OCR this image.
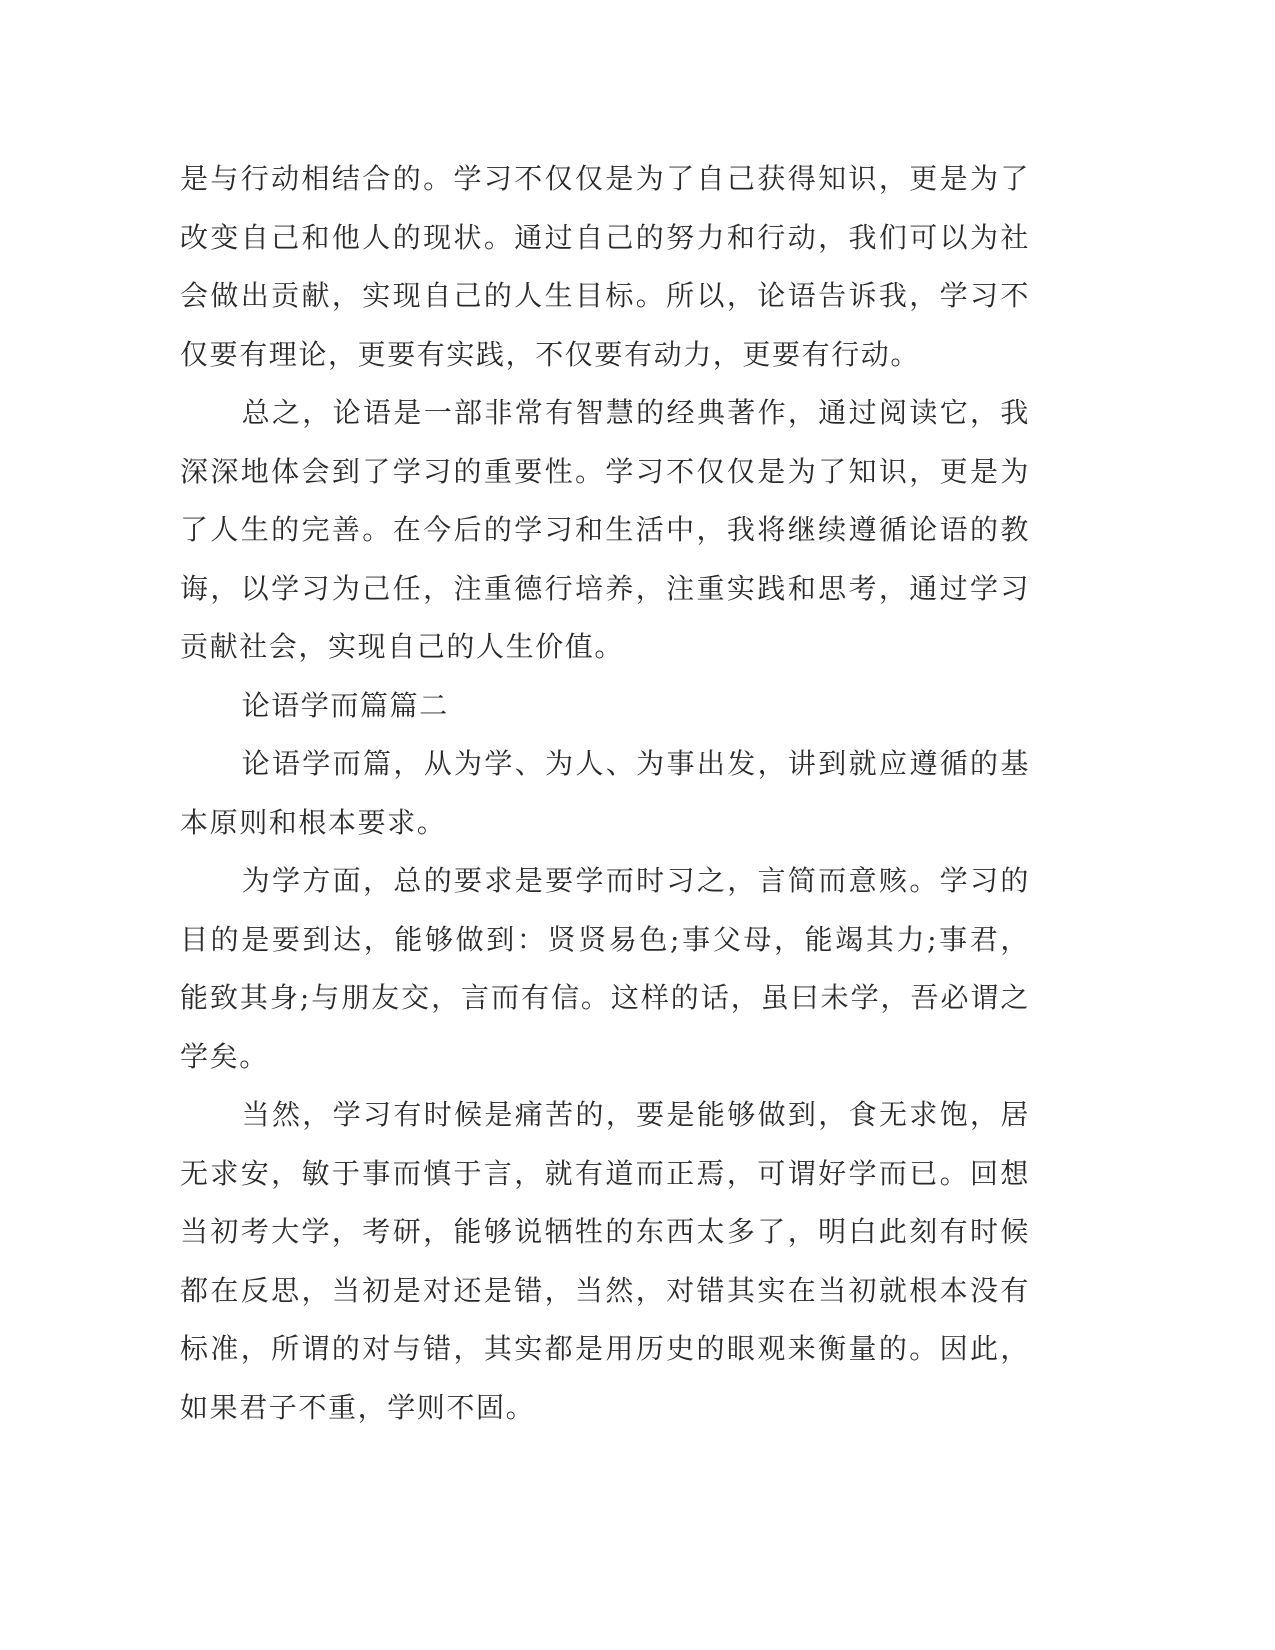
是与行动相结合的。学习不仅仅是为了自己获得知识，更是为了改变自己和他人的现状。通过自己的努力和行动，我们可以为社会做出贡献，实现自己的人生目标。所以，论语告诉我，学习不仅要有理论，更要有实践，不仅要有动力，更要有行动。

总之，论语是一部非常有智慧的经典著作，通过阅读它，我深深地体会到了学习的重要性。学习不仅仅是为了知识，更是为了人生的完善。在今后的学习和生活中，我将继续遵循论语的教诲，以学习为己任，注重德行培养，注重实践和思考，通过学习贡献社会，实现自己的人生价值。

论语学而篇篇二

论语学而篇，从为学、为人、为事出发，讲到就应遵循的基本原则和根本要求。

为学方面，总的要求是要学而时习之，言简而意赅。学习的目的是要到达，能够做到：贤贤易色;事父母，能竭其力;事君，能致其身;与朋友交，言而有信。这样的话，虽曰未学，吾必谓之学矣。

当然，学习有时候是痛苦的，要是能够做到，食无求饱，居无求安，敏于事而慎于言，就有道而正焉，可谓好学而已。回想当初考大学，考研，能够说牺牲的东西太多了，明白此刻有时候都在反思，当初是对还是错，当然，对错其实在当初就根本没有标准，所谓的对与错，其实都是用历史的眼观来衡量的。因此，如果君子不重，学则不固。
